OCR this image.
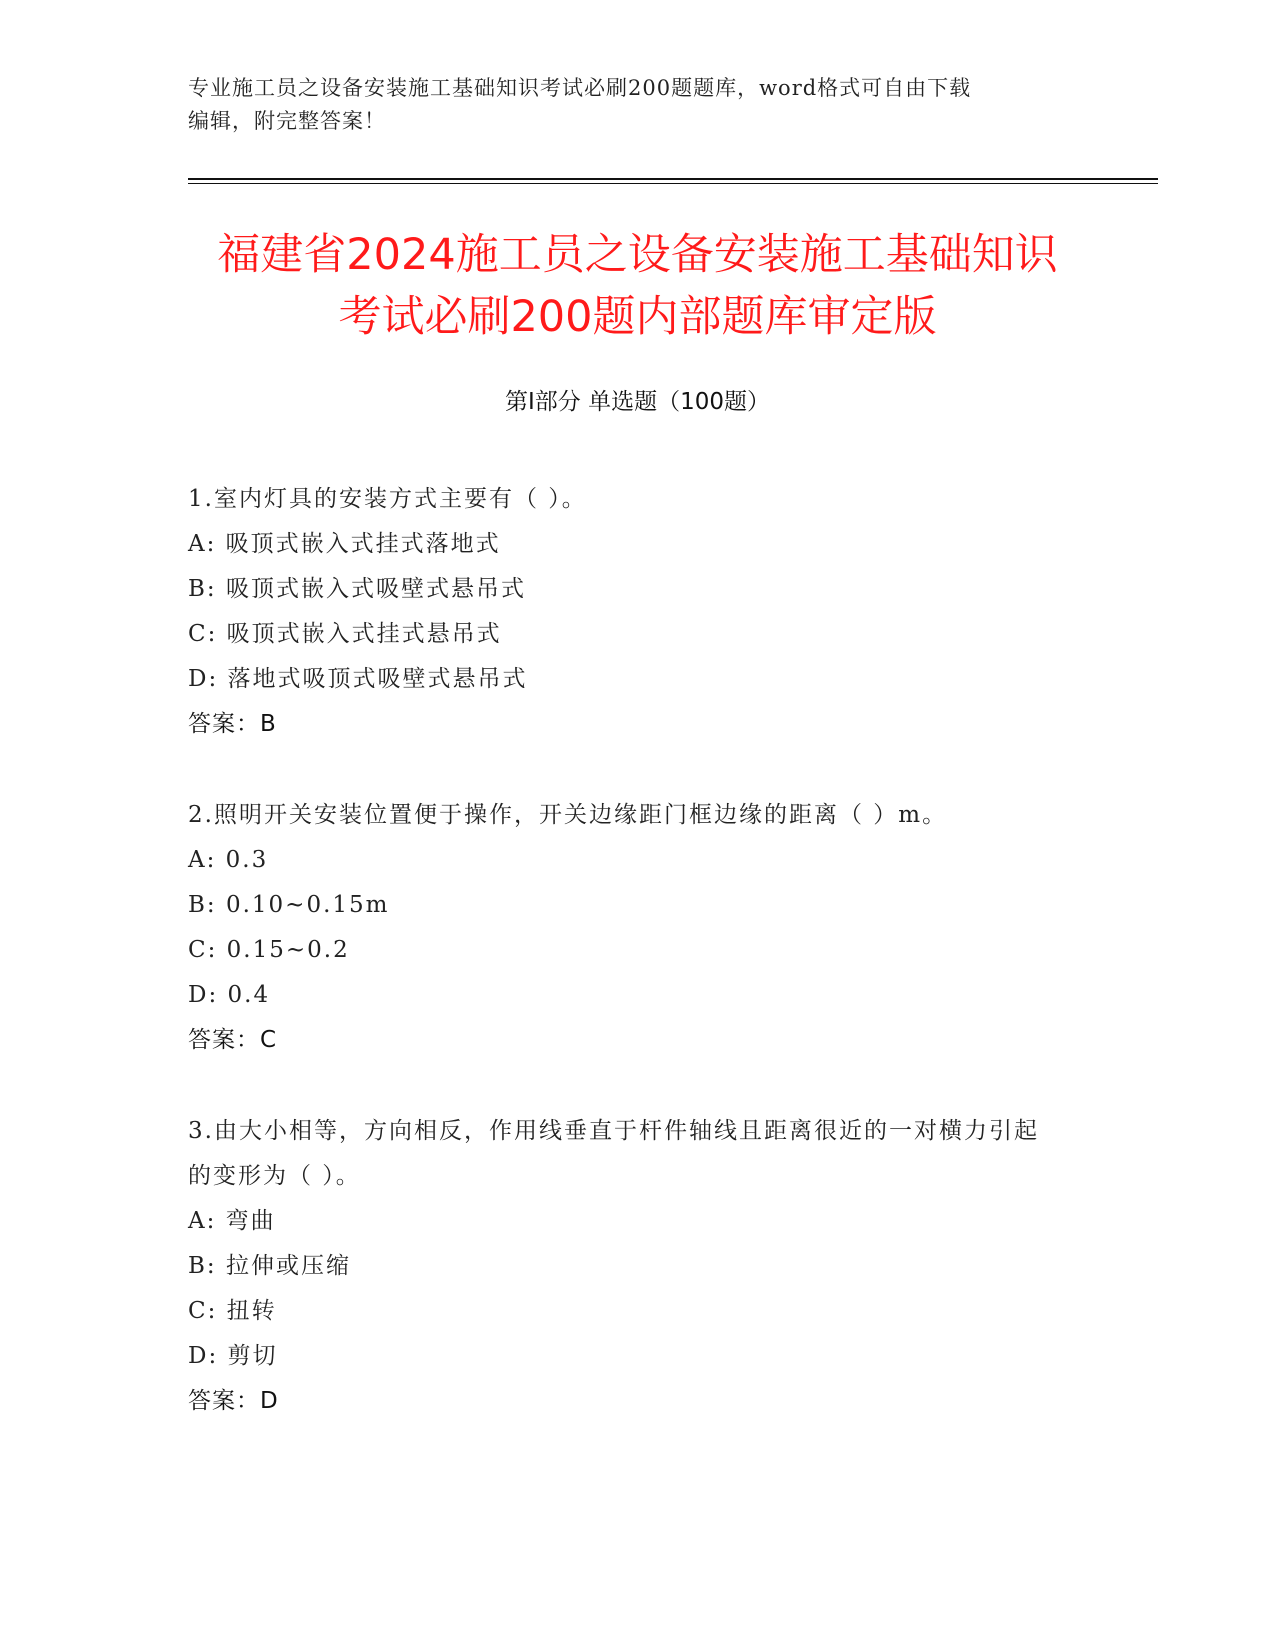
专业施工员之设备安装施工基础知识考试必刷200题题库，word格式可自由下载
编辑，附完整答案！
福建省2024施工员之设备安装施工基础知识
考试必刷200题内部题库审定版
第Ⅰ部分 单选题（100题）
1.室内灯具的安装方式主要有（ ）。
A: 吸顶式嵌入式挂式落地式
B: 吸顶式嵌入式吸壁式悬吊式
C: 吸顶式嵌入式挂式悬吊式
D: 落地式吸顶式吸壁式悬吊式
答案：B
2.照明开关安装位置便于操作，开关边缘距门框边缘的距离（ ）m。
A: 0.3
B: 0.10~0.15m
C: 0.15~0.2
D: 0.4
答案：C
3.由大小相等，方向相反，作用线垂直于杆件轴线且距离很近的一对横力引起的变形为（ ）。
A: 弯曲
B: 拉伸或压缩
C: 扭转
D: 剪切
答案：D
